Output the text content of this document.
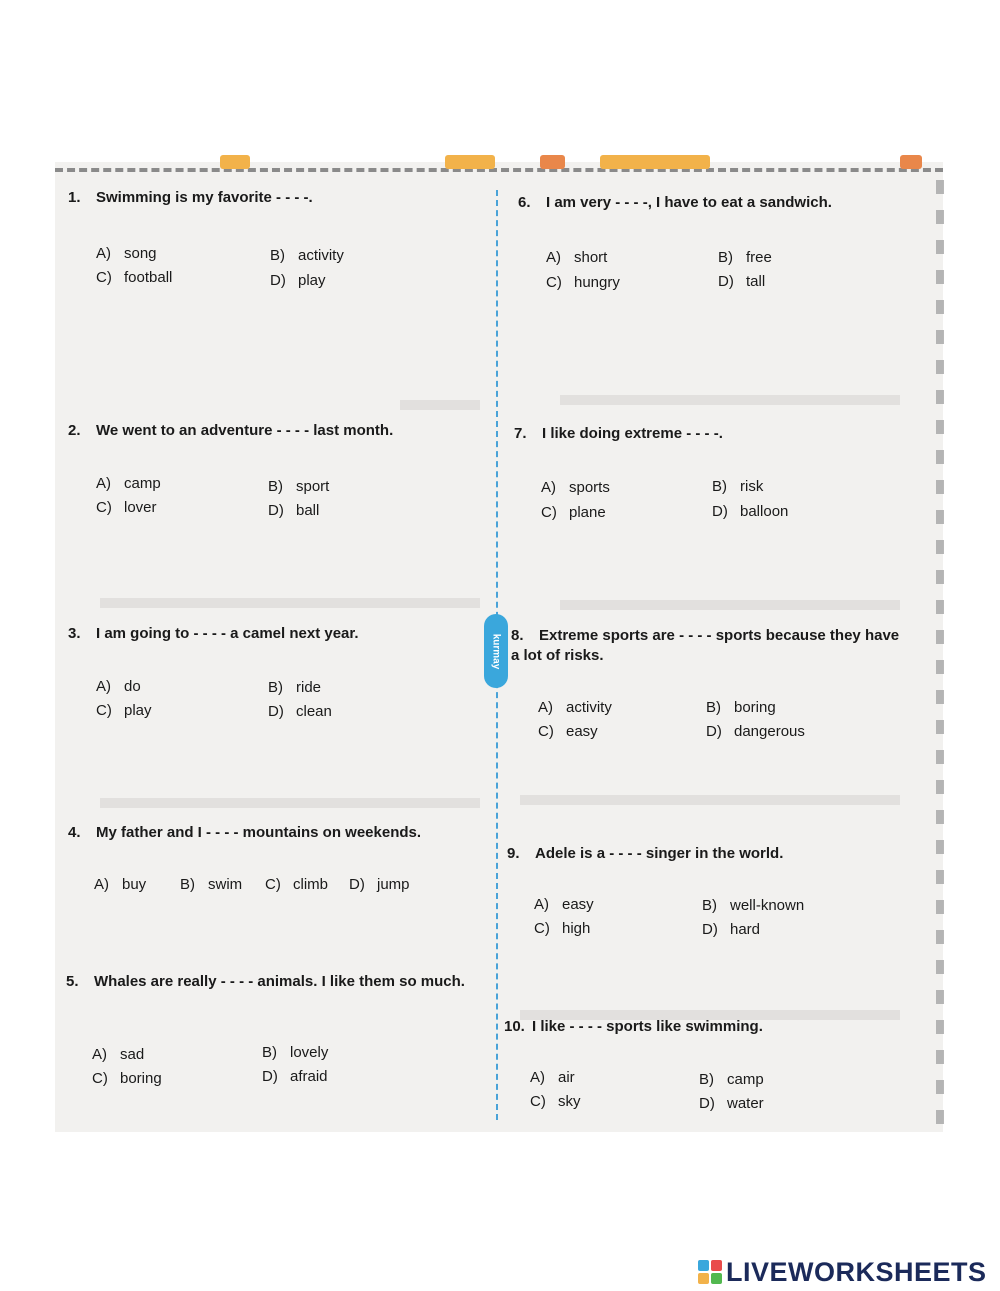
kurmay
1. Swimming is my favorite - - - -.
A) song	B) activity
C) football	D) play
2. We went to an adventure - - - - last month.
A) camp	B) sport
C) lover	D) ball
3. I am going to - - - - a camel next year.
A) do	B) ride
C) play	D) clean
4. My father and I - - - - mountains on weekends.
A) buy B) swim C) climb D) jump
5. Whales are really - - - - animals. I like them so much.
A) sad	B) lovely
C) boring	D) afraid
6. I am very - - - -, I have to eat a sandwich.
A) short	B) free
C) hungry	D) tall
7. I like doing extreme - - - -.
A) sports	B) risk
C) plane	D) balloon
8. Extreme sports are - - - - sports because they have a lot of risks.
A) activity	B) boring
C) easy	D) dangerous
9. Adele is a - - - - singer in the world.
A) easy	B) well-known
C) high	D) hard
10. I like - - - - sports like swimming.
A) air	B) camp
C) sky	D) water
LIVEWORKSHEETS
